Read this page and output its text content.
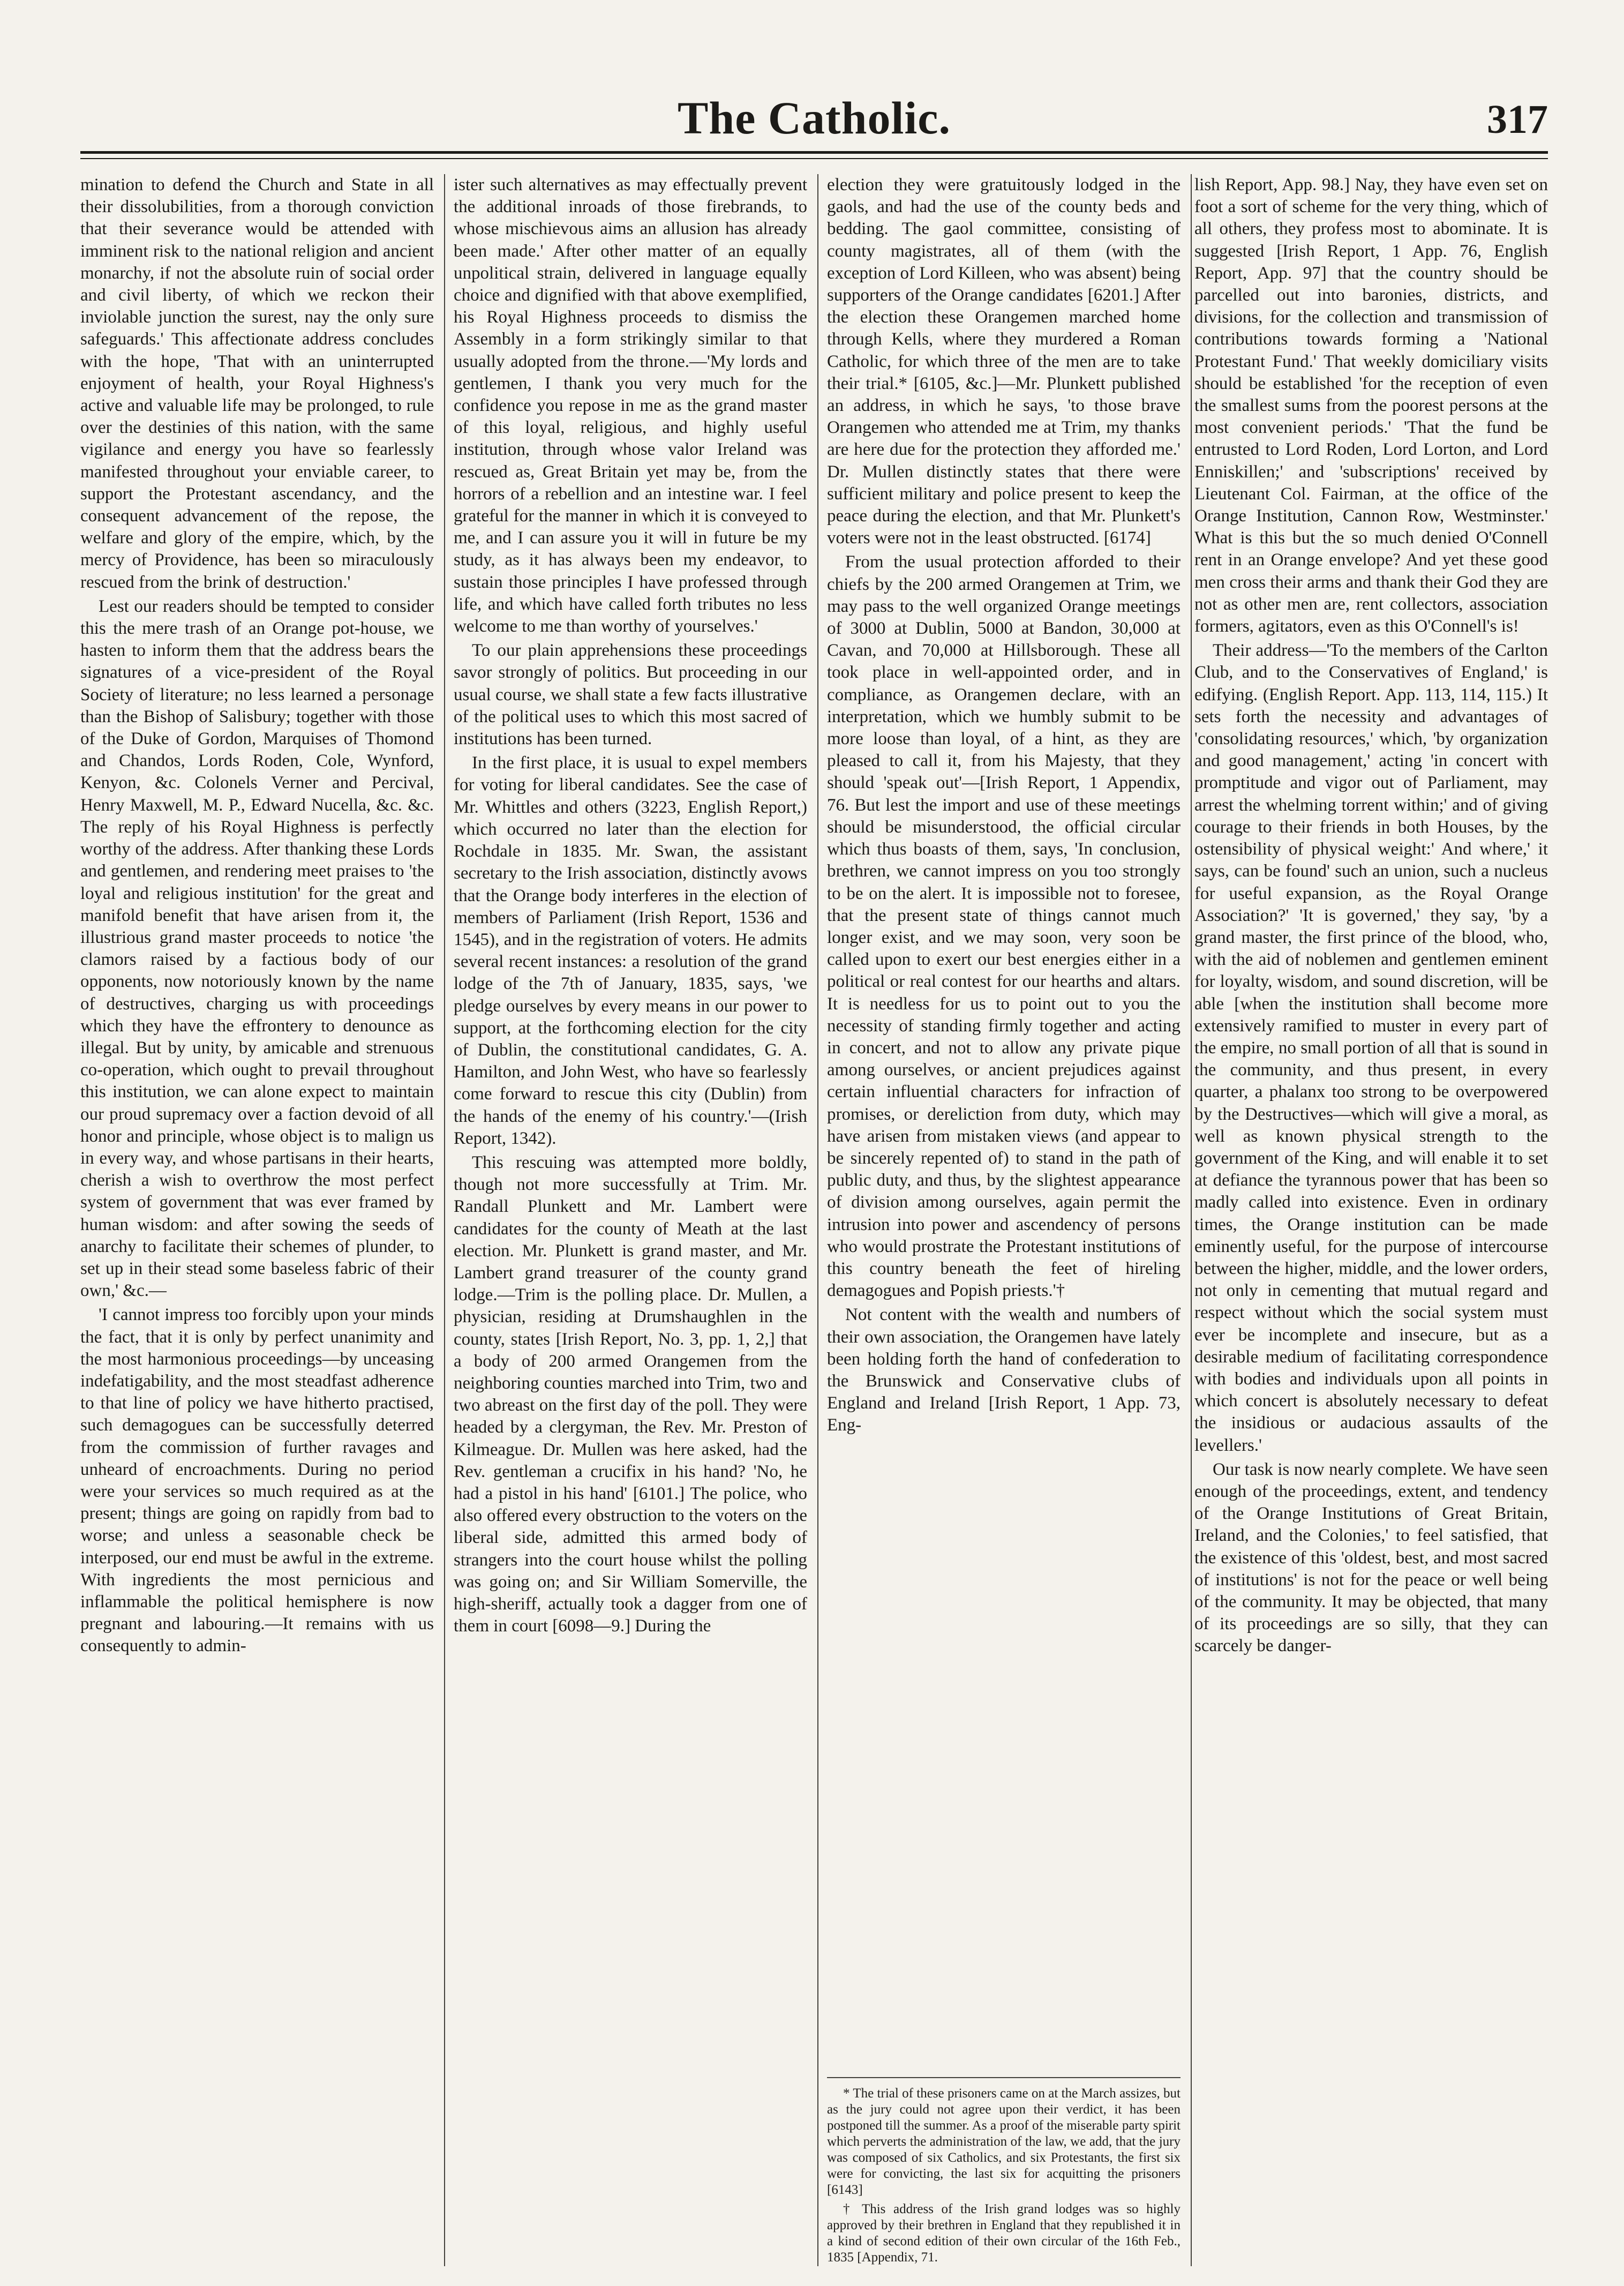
The Catholic.	317

mination to defend the Church and State in all their dissolubilities, from a thorough conviction that their severance would be attended with imminent risk to the national religion and ancient monarchy, if not the absolute ruin of social order and civil liberty, of which we reckon their inviolable junction the surest, nay the only sure safeguards.' This affectionate address concludes with the hope, 'That with an uninterrupted enjoyment of health, your Royal Highness's active and valuable life may be prolonged, to rule over the destinies of this nation, with the same vigilance and energy you have so fearlessly manifested throughout your enviable career, to support the Protestant ascendancy, and the consequent advancement of the repose, the welfare and glory of the empire, which, by the mercy of Providence, has been so miraculously rescued from the brink of destruction.'

Lest our readers should be tempted to consider this the mere trash of an Orange pot-house, we hasten to inform them that the address bears the signatures of a vice-president of the Royal Society of literature; no less learned a personage than the Bishop of Salisbury; together with those of the Duke of Gordon, Marquises of Thomond and Chandos, Lords Roden, Cole, Wynford, Kenyon, &c. Colonels Verner and Percival, Henry Maxwell, M. P., Edward Nucella, &c. &c. The reply of his Royal Highness is perfectly worthy of the address. After thanking these Lords and gentlemen, and rendering meet praises to 'the loyal and religious institution' for the great and manifold benefit that have arisen from it, the illustrious grand master proceeds to notice 'the clamors raised by a factious body of our opponents, now notoriously known by the name of destructives, charging us with proceedings which they have the effrontery to denounce as illegal. But by unity, by amicable and strenuous co-operation, which ought to prevail throughout this institution, we can alone expect to maintain our proud supremacy over a faction devoid of all honor and principle, whose object is to malign us in every way, and whose partisans in their hearts, cherish a wish to overthrow the most perfect system of government that was ever framed by human wisdom: and after sowing the seeds of anarchy to facilitate their schemes of plunder, to set up in their stead some baseless fabric of their own,' &c.—

'I cannot impress too forcibly upon your minds the fact, that it is only by perfect unanimity and the most harmonious proceedings—by unceasing indefatigability, and the most steadfast adherence to that line of policy we have hitherto practised, such demagogues can be successfully deterred from the commission of further ravages and unheard of encroachments. During no period were your services so much required as at the present; things are going on rapidly from bad to worse; and unless a seasonable check be interposed, our end must be awful in the extreme. With ingredients the most pernicious and inflammable the political hemisphere is now pregnant and labouring.—It remains with us consequently to admin-

ister such alternatives as may effectually prevent the additional inroads of those firebrands, to whose mischievous aims an allusion has already been made.' After other matter of an equally unpolitical strain, delivered in language equally choice and dignified with that above exemplified, his Royal Highness proceeds to dismiss the Assembly in a form strikingly similar to that usually adopted from the throne.—'My lords and gentlemen, I thank you very much for the confidence you repose in me as the grand master of this loyal, religious, and highly useful institution, through whose valor Ireland was rescued as, Great Britain yet may be, from the horrors of a rebellion and an intestine war. I feel grateful for the manner in which it is conveyed to me, and I can assure you it will in future be my study, as it has always been my endeavor, to sustain those principles I have professed through life, and which have called forth tributes no less welcome to me than worthy of yourselves.'

To our plain apprehensions these proceedings savor strongly of politics. But proceeding in our usual course, we shall state a few facts illustrative of the political uses to which this most sacred of institutions has been turned.

In the first place, it is usual to expel members for voting for liberal candidates. See the case of Mr. Whittles and others (3223, English Report,) which occurred no later than the election for Rochdale in 1835. Mr. Swan, the assistant secretary to the Irish association, distinctly avows that the Orange body interferes in the election of members of Parliament (Irish Report, 1536 and 1545), and in the registration of voters. He admits several recent instances: a resolution of the grand lodge of the 7th of January, 1835, says, 'we pledge ourselves by every means in our power to support, at the forthcoming election for the city of Dublin, the constitutional candidates, G. A. Hamilton, and John West, who have so fearlessly come forward to rescue this city (Dublin) from the hands of the enemy of his country.'—(Irish Report, 1342).

This rescuing was attempted more boldly, though not more successfully at Trim. Mr. Randall Plunkett and Mr. Lambert were candidates for the county of Meath at the last election. Mr. Plunkett is grand master, and Mr. Lambert grand treasurer of the county grand lodge.—Trim is the polling place. Dr. Mullen, a physician, residing at Drumshaughlen in the county, states [Irish Report, No. 3, pp. 1, 2,] that a body of 200 armed Orangemen from the neighboring counties marched into Trim, two and two abreast on the first day of the poll. They were headed by a clergyman, the Rev. Mr. Preston of Kilmeague. Dr. Mullen was here asked, had the Rev. gentleman a crucifix in his hand? 'No, he had a pistol in his hand' [6101.] The police, who also offered every obstruction to the voters on the liberal side, admitted this armed body of strangers into the court house whilst the polling was going on; and Sir William Somerville, the high-sheriff, actually took a dagger from one of them in court [6098—9.] During the

election they were gratuitously lodged in the gaols, and had the use of the county beds and bedding. The gaol committee, consisting of county magistrates, all of them (with the exception of Lord Killeen, who was absent) being supporters of the Orange candidates [6201.] After the election these Orangemen marched home through Kells, where they murdered a Roman Catholic, for which three of the men are to take their trial.* [6105, &c.]—Mr. Plunkett published an address, in which he says, 'to those brave Orangemen who attended me at Trim, my thanks are here due for the protection they afforded me.' Dr. Mullen distinctly states that there were sufficient military and police present to keep the peace during the election, and that Mr. Plunkett's voters were not in the least obstructed. [6174]

From the usual protection afforded to their chiefs by the 200 armed Orangemen at Trim, we may pass to the well organized Orange meetings of 3000 at Dublin, 5000 at Bandon, 30,000 at Cavan, and 70,000 at Hillsborough. These all took place in well-appointed order, and in compliance, as Orangemen declare, with an interpretation, which we humbly submit to be more loose than loyal, of a hint, as they are pleased to call it, from his Majesty, that they should 'speak out'—[Irish Report, 1 Appendix, 76. But lest the import and use of these meetings should be misunderstood, the official circular which thus boasts of them, says, 'In conclusion, brethren, we cannot impress on you too strongly to be on the alert. It is impossible not to foresee, that the present state of things cannot much longer exist, and we may soon, very soon be called upon to exert our best energies either in a political or real contest for our hearths and altars. It is needless for us to point out to you the necessity of standing firmly together and acting in concert, and not to allow any private pique among ourselves, or ancient prejudices against certain influential characters for infraction of promises, or dereliction from duty, which may have arisen from mistaken views (and appear to be sincerely repented of) to stand in the path of public duty, and thus, by the slightest appearance of division among ourselves, again permit the intrusion into power and ascendency of persons who would prostrate the Protestant institutions of this country beneath the feet of hireling demagogues and Popish priests.'†

Not content with the wealth and numbers of their own association, the Orangemen have lately been holding forth the hand of confederation to the Brunswick and Conservative clubs of England and Ireland [Irish Report, 1 App. 73, Eng-

* The trial of these prisoners came on at the March assizes, but as the jury could not agree upon their verdict, it has been postponed till the summer. As a proof of the miserable party spirit which perverts the administration of the law, we add, that the jury was composed of six Catholics, and six Protestants, the first six were for convicting, the last six for acquitting the prisoners [6143]
† This address of the Irish grand lodges was so highly approved by their brethren in England that they republished it in a kind of second edition of their own circular of the 16th Feb., 1835 [Appendix, 71.

lish Report, App. 98.] Nay, they have even set on foot a sort of scheme for the very thing, which of all others, they profess most to abominate. It is suggested [Irish Report, 1 App. 76, English Report, App. 97] that the country should be parcelled out into baronies, districts, and divisions, for the collection and transmission of contributions towards forming a 'National Protestant Fund.' That weekly domiciliary visits should be established 'for the reception of even the smallest sums from the poorest persons at the most convenient periods.' 'That the fund be entrusted to Lord Roden, Lord Lorton, and Lord Enniskillen;' and 'subscriptions' received by Lieutenant Col. Fairman, at the office of the Orange Institution, Cannon Row, Westminster.' What is this but the so much denied O'Connell rent in an Orange envelope? And yet these good men cross their arms and thank their God they are not as other men are, rent collectors, association formers, agitators, even as this O'Connell's is!

Their address—'To the members of the Carlton Club, and to the Conservatives of England,' is edifying. (English Report. App. 113, 114, 115.) It sets forth the necessity and advantages of 'consolidating resources,' which, 'by organization and good management,' acting 'in concert with promptitude and vigor out of Parliament, may arrest the whelming torrent within;' and of giving courage to their friends in both Houses, by the ostensibility of physical weight:' And where,' it says, can be found' such an union, such a nucleus for useful expansion, as the Royal Orange Association?' 'It is governed,' they say, 'by a grand master, the first prince of the blood, who, with the aid of noblemen and gentlemen eminent for loyalty, wisdom, and sound discretion, will be able [when the institution shall become more extensively ramified to muster in every part of the empire, no small portion of all that is sound in the community, and thus present, in every quarter, a phalanx too strong to be overpowered by the Destructives—which will give a moral, as well as known physical strength to the government of the King, and will enable it to set at defiance the tyrannous power that has been so madly called into existence. Even in ordinary times, the Orange institution can be made eminently useful, for the purpose of intercourse between the higher, middle, and the lower orders, not only in cementing that mutual regard and respect without which the social system must ever be incomplete and insecure, but as a desirable medium of facilitating correspondence with bodies and individuals upon all points in which concert is absolutely necessary to defeat the insidious or audacious assaults of the levellers.'

Our task is now nearly complete. We have seen enough of the proceedings, extent, and tendency of the Orange Institutions of Great Britain, Ireland, and the Colonies,' to feel satisfied, that the existence of this 'oldest, best, and most sacred of institutions' is not for the peace or well being of the community. It may be objected, that many of its proceedings are so silly, that they can scarcely be danger-
